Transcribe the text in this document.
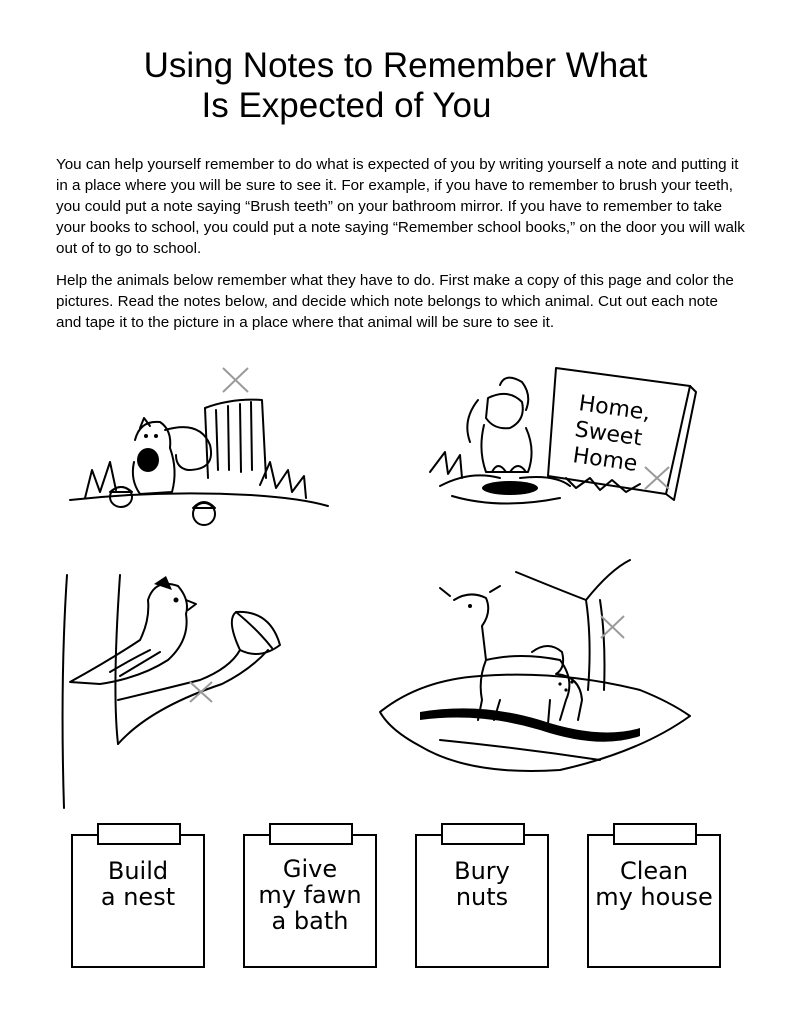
Using Notes to Remember What

Is Expected of You

You can help yourself remember to do what is expected of you by writing yourself a note and putting it in a place where you will be sure to see it. For example, if you have to remember to brush your teeth, you could put a note saying “Brush teeth” on your bathroom mirror. If you have to remember to take your books to school, you could put a note saying “Remember school books,” on the door you will walk out of to go to school.

Help the animals below remember what they have to do. First make a copy of this page and color the pictures. Read the notes below, and decide which note belongs to which animal. Cut out each note and tape it to the picture in a place where that animal will be sure to see it.

Home,
Sweet
Home
Build
a nest
Give
my fawn
a bath
Bury
nuts
Clean
my house
